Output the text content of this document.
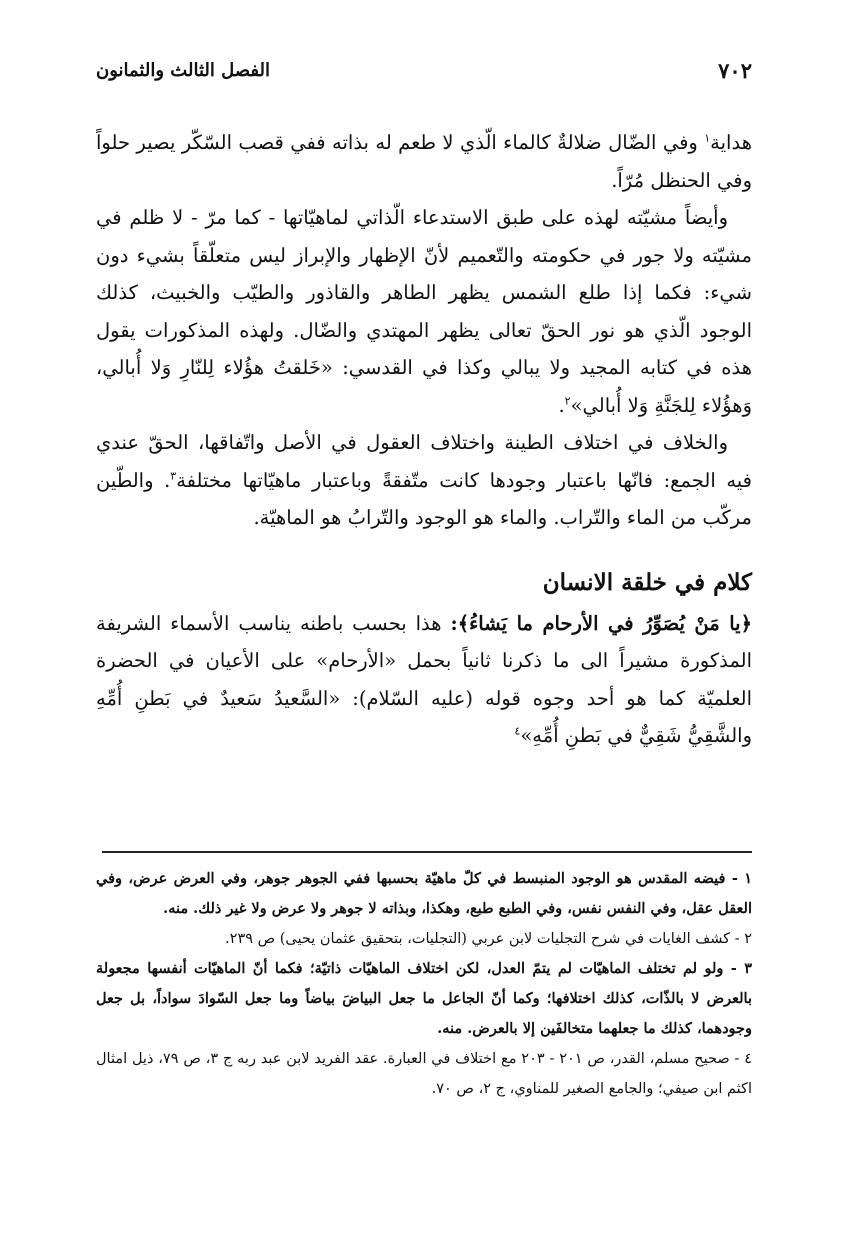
٧٠٢
الفصل الثالث والثمانون

هداية$^١$ وفي الضّال ضلالةٌ كالماء الّذي لا طعم له بذاته ففي قصب السّكّر يصير حلواً وفي الحنظل مُرّاً.

وأيضاً مشيّته لهذه على طبق الاستدعاء الّذاتي لماهيّاتها - كما مرّ - لا ظلم في مشيّته ولا جور في حكومته والتّعميم لأنّ الإظهار والإبراز ليس متعلّقاً بشيء دون شيء: فكما إذا طلع الشمس يظهر الطاهر والقاذور والطيّب والخبيث، كذلك الوجود الّذي هو نور الحقّ تعالى يظهر المهتدي والضّال. ولهذه المذكورات يقول هذه في كتابه المجيد ولا يبالي وكذا في القدسي: «خَلقتُ هؤُلاء لِلنّارِ وَلا أُبالي، وَهؤُلاء لِلجَنَّةِ وَلا أُبالي»$^٢$.

والخلاف في اختلاف الطينة واختلاف العقول في الأصل واتّفاقها، الحقّ عندي فيه الجمع: فانّها باعتبار وجودها كانت متّفقةً وباعتبار ماهيّاتها مختلفة$^٣$. والطّين مركّب من الماء والتّراب. والماء هو الوجود والتّرابُ هو الماهيّة.

كلام في خلقة الانسان

﴿يا مَنْ يُصَوِّرُ في الأرحام ما يَشاءُ﴾: هذا بحسب باطنه يناسب الأسماء الشريفة المذكورة مشيراً الى ما ذكرنا ثانياً بحمل «الأرحام» على الأعيان في الحضرة العلميّة كما هو أحد وجوه قوله (عليه السّلام): «السَّعيدُ سَعيدٌ في بَطنِ أُمِّهِ والشَّقِيُّ شَقِيٌّ في بَطنِ أُمِّهِ»$^٤$

١ - فيضه المقدس هو الوجود المنبسط في كلّ ماهيّة بحسبها ففي الجوهر جوهر، وفي العرض عرض، وفي العقل عقل، وفي النفس نفس، وفي الطبع طبع، وهكذا، وبذاته لا جوهر ولا عرض ولا غير ذلك. منه.

٢ - كشف الغايات في شرح التجليات لابن عربي (التجليات، بتحقيق عثمان يحيى) ص ٢٣٩.

٣ - ولو لم تختلف الماهيّات لم يتمّ العدل، لكن اختلاف الماهيّات ذاتيّة؛ فكما أنّ الماهيّات أنفسها مجعولة بالعرض لا بالذّات، كذلك اختلافها؛ وكما أنّ الجاعل ما جعل البياضَ بياضاً وما جعل السّوادَ سواداً، بل جعل وجودهما، كذلك ما جعلهما متخالفَين إلا بالعرض. منه.

٤ - صحيح مسلم، القدر، ص ٢٠١ - ٢٠٣ مع اختلاف في العبارة. عقد الفريد لابن عبد ربه ج ٣، ص ٧٩، ذيل امثال اكثم ابن صيفي؛ والجامع الصغير للمناوي، ج ٢، ص ٧٠.
